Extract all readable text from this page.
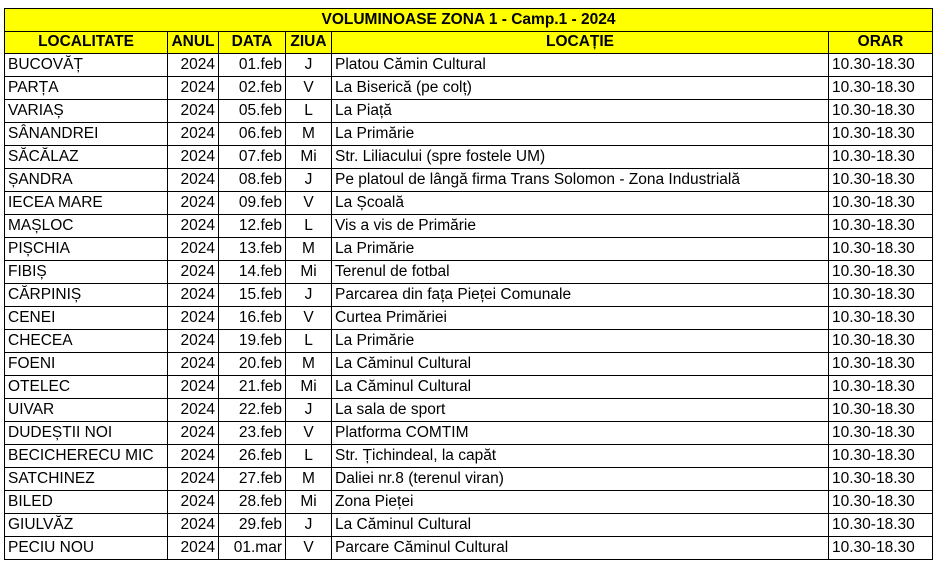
VOLUMINOASE ZONA 1 - Camp.1 - 2024					
LOCALITATE	ANUL	DATA	ZIUA	LOCAȚIE	ORAR
BUCOVĂȚ	2024	01.feb	J	Platou Cămin Cultural	10.30-18.30
PARȚA	2024	02.feb	V	La Biserică (pe colț)	10.30-18.30
VARIAȘ	2024	05.feb	L	La Piață	10.30-18.30
SÂNANDREI	2024	06.feb	M	La Primărie	10.30-18.30
SĂCĂLAZ	2024	07.feb	Mi	Str. Liliacului (spre fostele UM)	10.30-18.30
ȘANDRA	2024	08.feb	J	Pe platoul de lângă firma Trans Solomon - Zona Industrială	10.30-18.30
IECEA MARE	2024	09.feb	V	La Școală	10.30-18.30
MAȘLOC	2024	12.feb	L	Vis a vis de Primărie	10.30-18.30
PIȘCHIA	2024	13.feb	M	La Primărie	10.30-18.30
FIBIȘ	2024	14.feb	Mi	Terenul de fotbal	10.30-18.30
CĂRPINIȘ	2024	15.feb	J	Parcarea din fața Pieței Comunale	10.30-18.30
CENEI	2024	16.feb	V	Curtea Primăriei	10.30-18.30
CHECEA	2024	19.feb	L	La Primărie	10.30-18.30
FOENI	2024	20.feb	M	La Căminul Cultural	10.30-18.30
OTELEC	2024	21.feb	Mi	La Căminul Cultural	10.30-18.30
UIVAR	2024	22.feb	J	La sala de sport	10.30-18.30
DUDEȘTII NOI	2024	23.feb	V	Platforma COMTIM	10.30-18.30
BECICHERECU MIC	2024	26.feb	L	Str. Țichindeal, la capăt	10.30-18.30
SATCHINEZ	2024	27.feb	M	Daliei nr.8 (terenul viran)	10.30-18.30
BILED	2024	28.feb	Mi	Zona Pieței	10.30-18.30
GIULVĂZ	2024	29.feb	J	La Căminul Cultural	10.30-18.30
PECIU NOU	2024	01.mar	V	Parcare Căminul Cultural	10.30-18.30
